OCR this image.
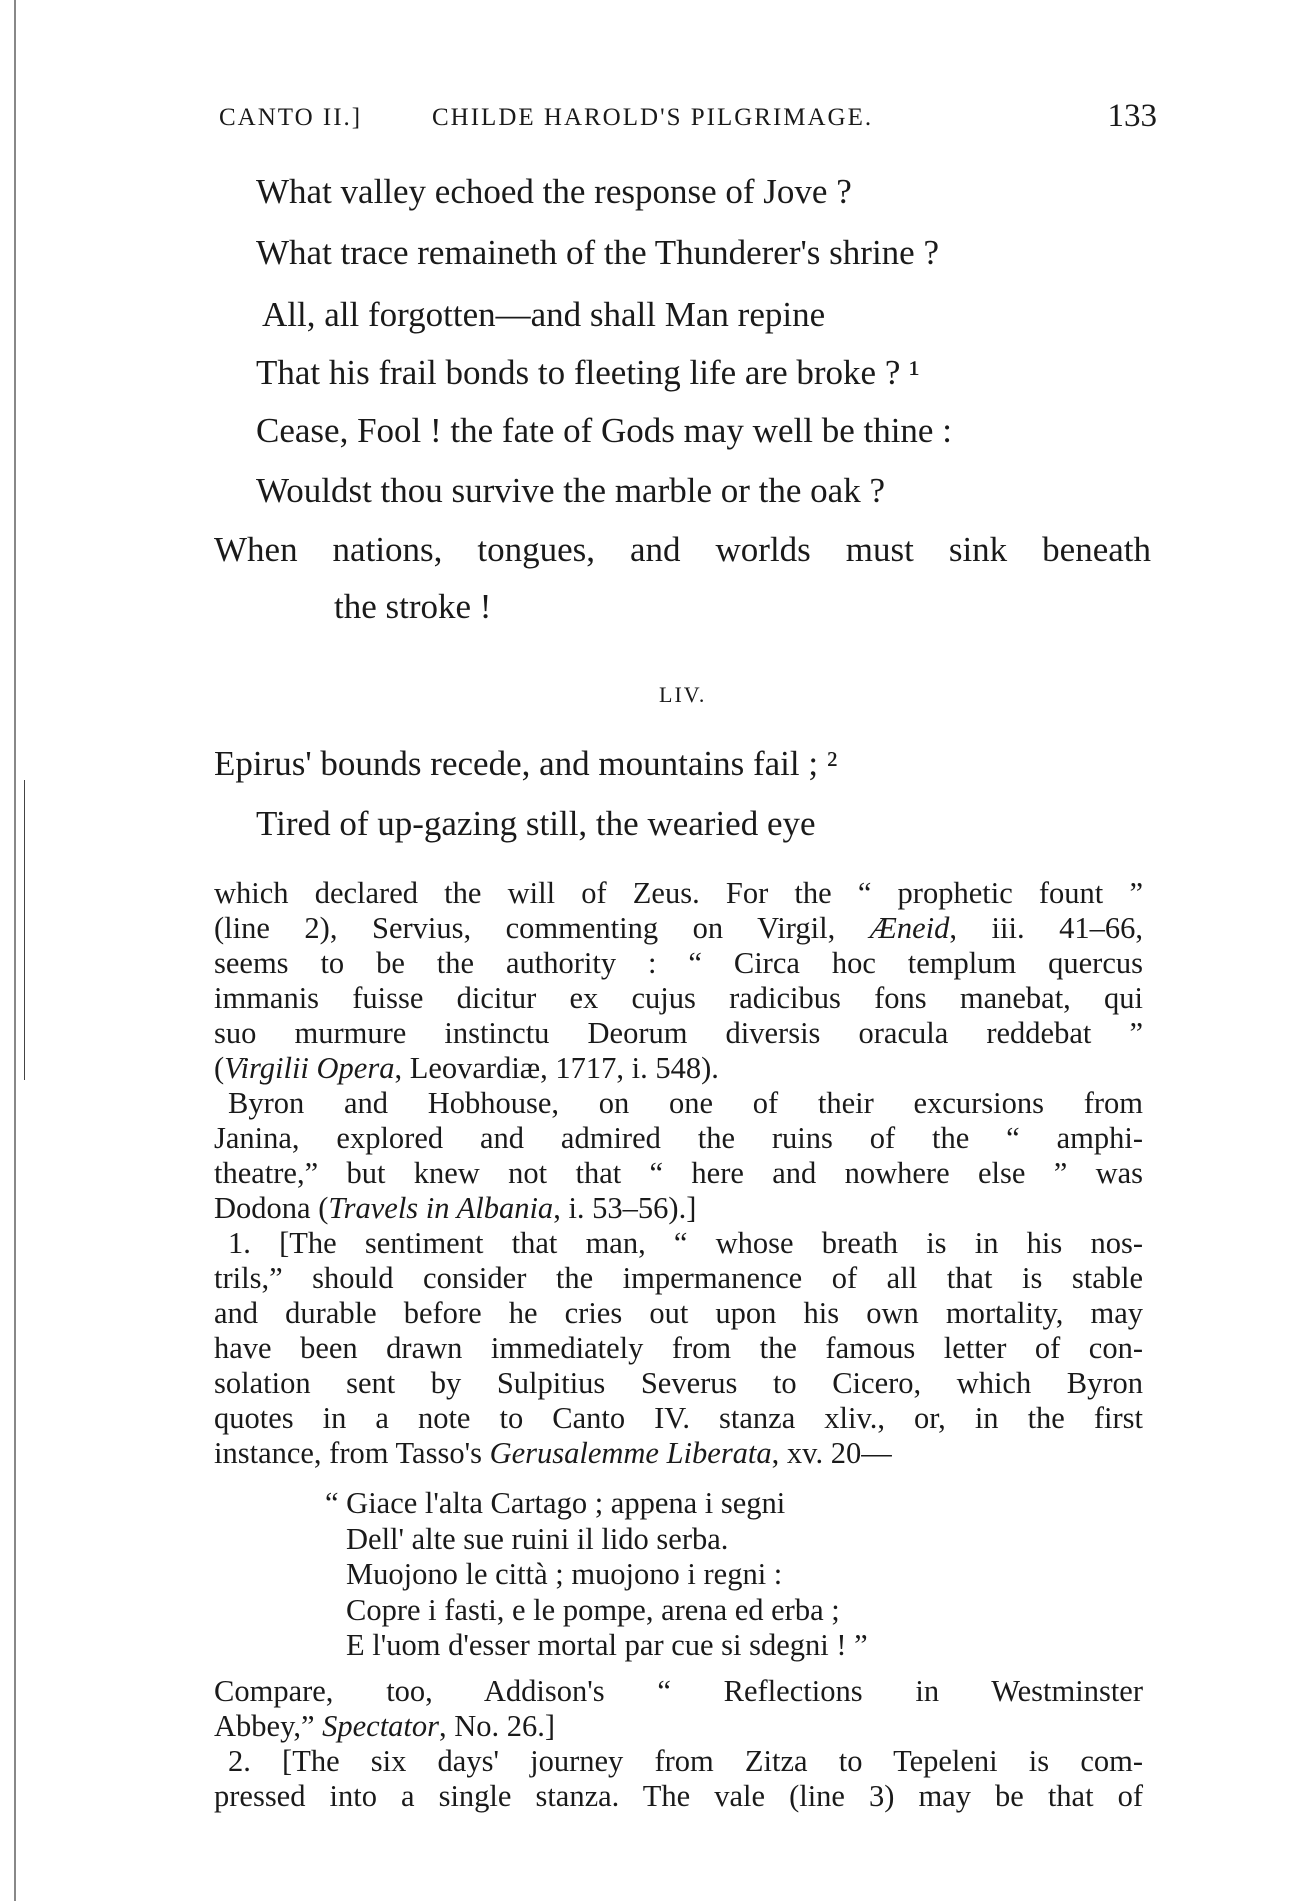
CANTO II.]	CHILDE HAROLD'S PILGRIMAGE.	133
What valley echoed the response of Jove ?
What trace remaineth of the Thunderer's shrine ?
All, all forgotten—and shall Man repine
That his frail bonds to fleeting life are broke ? ¹
Cease, Fool ! the fate of Gods may well be thine :
Wouldst thou survive the marble or the oak ?
When nations, tongues, and worlds must sink beneath
the stroke !
Epirus' bounds recede, and mountains fail ; ²
Tired of up-gazing still, the wearied eye
LIV.
which declared the will of Zeus. For the “ prophetic fount ”
(line 2), Servius, commenting on Virgil, Æneid, iii. 41–66,
seems to be the authority : “ Circa hoc templum quercus
immanis fuisse dicitur ex cujus radicibus fons manebat, qui
suo murmure instinctu Deorum diversis oracula reddebat ”
(Virgilii Opera, Leovardiæ, 1717, i. 548).
Byron and Hobhouse, on one of their excursions from
Janina, explored and admired the ruins of the “ amphi-
theatre,” but knew not that “ here and nowhere else ” was
Dodona (Travels in Albania, i. 53–56).]
1. [The sentiment that man, “ whose breath is in his nos-
trils,” should consider the impermanence of all that is stable
and durable before he cries out upon his own mortality, may
have been drawn immediately from the famous letter of con-
solation sent by Sulpitius Severus to Cicero, which Byron
quotes in a note to Canto IV. stanza xliv., or, in the first
instance, from Tasso's Gerusalemme Liberata, xv. 20—
“ Giace l'alta Cartago ; appena i segni
Dell' alte sue ruini il lido serba.
Muojono le città ; muojono i regni :
Copre i fasti, e le pompe, arena ed erba ;
E l'uom d'esser mortal par cue si sdegni ! ”
Compare, too, Addison's “ Reflections in Westminster
Abbey,” Spectator, No. 26.]
2. [The six days' journey from Zitza to Tepeleni is com-
pressed into a single stanza. The vale (line 3) may be that of
